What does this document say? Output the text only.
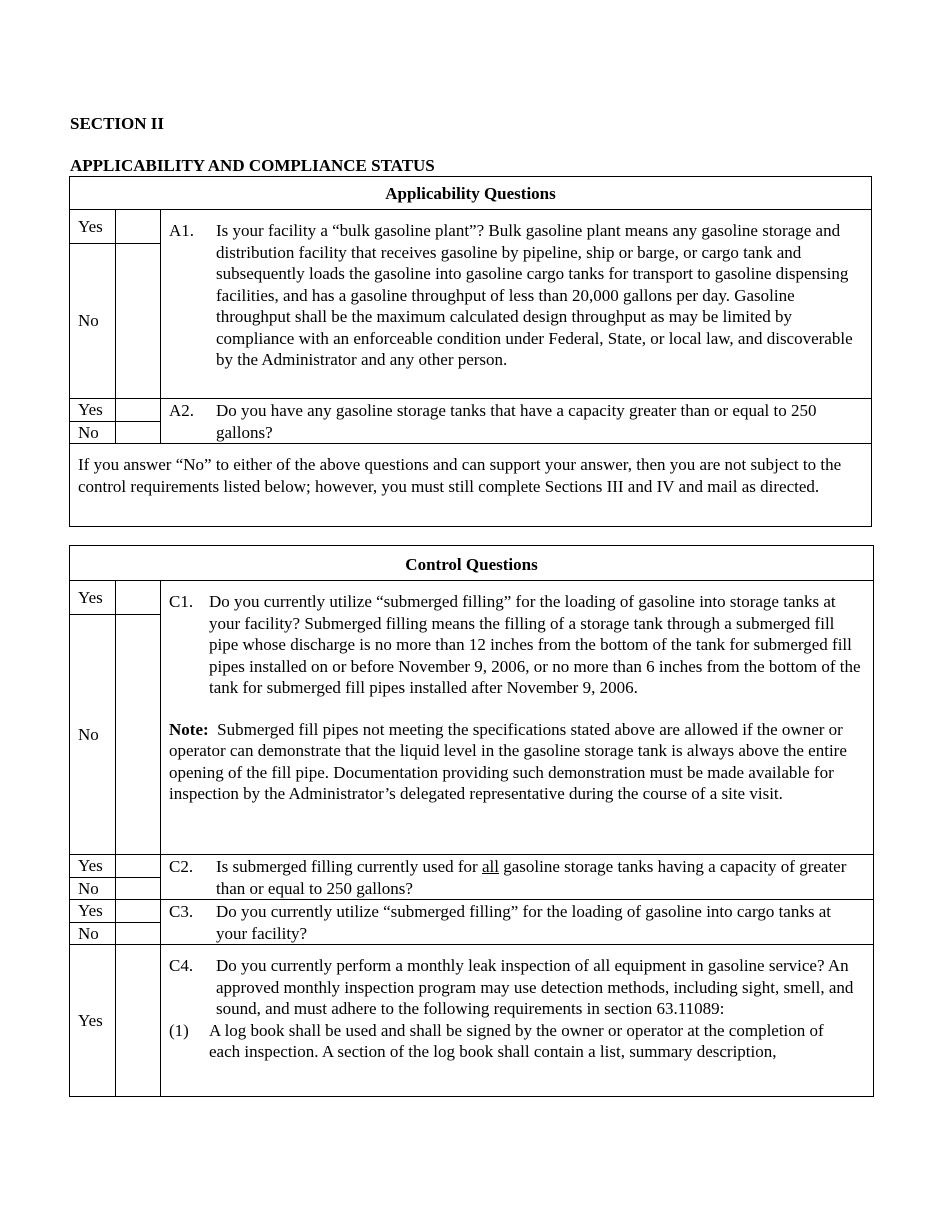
SECTION II
APPLICABILITY AND COMPLIANCE STATUS
Applicability Questions		
Yes		A1. Is your facility a “bulk gasoline plant”? Bulk gasoline plant means any gasoline storage and distribution facility that receives gasoline by pipeline, ship or barge, or cargo tank and subsequently loads the gasoline into gasoline cargo tanks for transport to gasoline dispensing facilities, and has a gasoline throughput of less than 20,000 gallons per day. Gasoline throughput shall be the maximum calculated design throughput as may be limited by compliance with an enforceable condition under Federal, State, or local law, and discoverable by the Administrator and any other person.

No		
Yes		A2. Do you have any gasoline storage tanks that have a capacity greater than or equal to 250 gallons?

No		
If you answer “No” to either of the above questions and can support your answer, then you are not subject to the control requirements listed below; however, you must still complete Sections III and IV and mail as directed.		
Control Questions		
Yes		C1. Do you currently utilize “submerged filling” for the loading of gasoline into storage tanks at your facility? Submerged filling means the filling of a storage tank through a submerged fill pipe whose discharge is no more than 12 inches from the bottom of the tank for submerged fill pipes installed on or before November 9, 2006, or no more than 6 inches from the bottom of the tank for submerged fill pipes installed after November 9, 2006.
Note: Submerged fill pipes not meeting the specifications stated above are allowed if the owner or operator can demonstrate that the liquid level in the gasoline storage tank is always above the entire opening of the fill pipe. Documentation providing such demonstration must be made available for inspection by the Administrator’s delegated representative during the course of a site visit.

No		
Yes		C2. Is submerged filling currently used for all gasoline storage tanks having a capacity of greater than or equal to 250 gallons?

No		
Yes		C3. Do you currently utilize “submerged filling” for the loading of gasoline into cargo tanks at your facility?

No		
Yes		C4. Do you currently perform a monthly leak inspection of all equipment in gasoline service? An approved monthly inspection program may use detection methods, including sight, smell, and sound, and must adhere to the following requirements in section 63.11089:
(1) A log book shall be used and shall be signed by the owner or operator at the completion of each inspection. A section of the log book shall contain a list, summary description,
